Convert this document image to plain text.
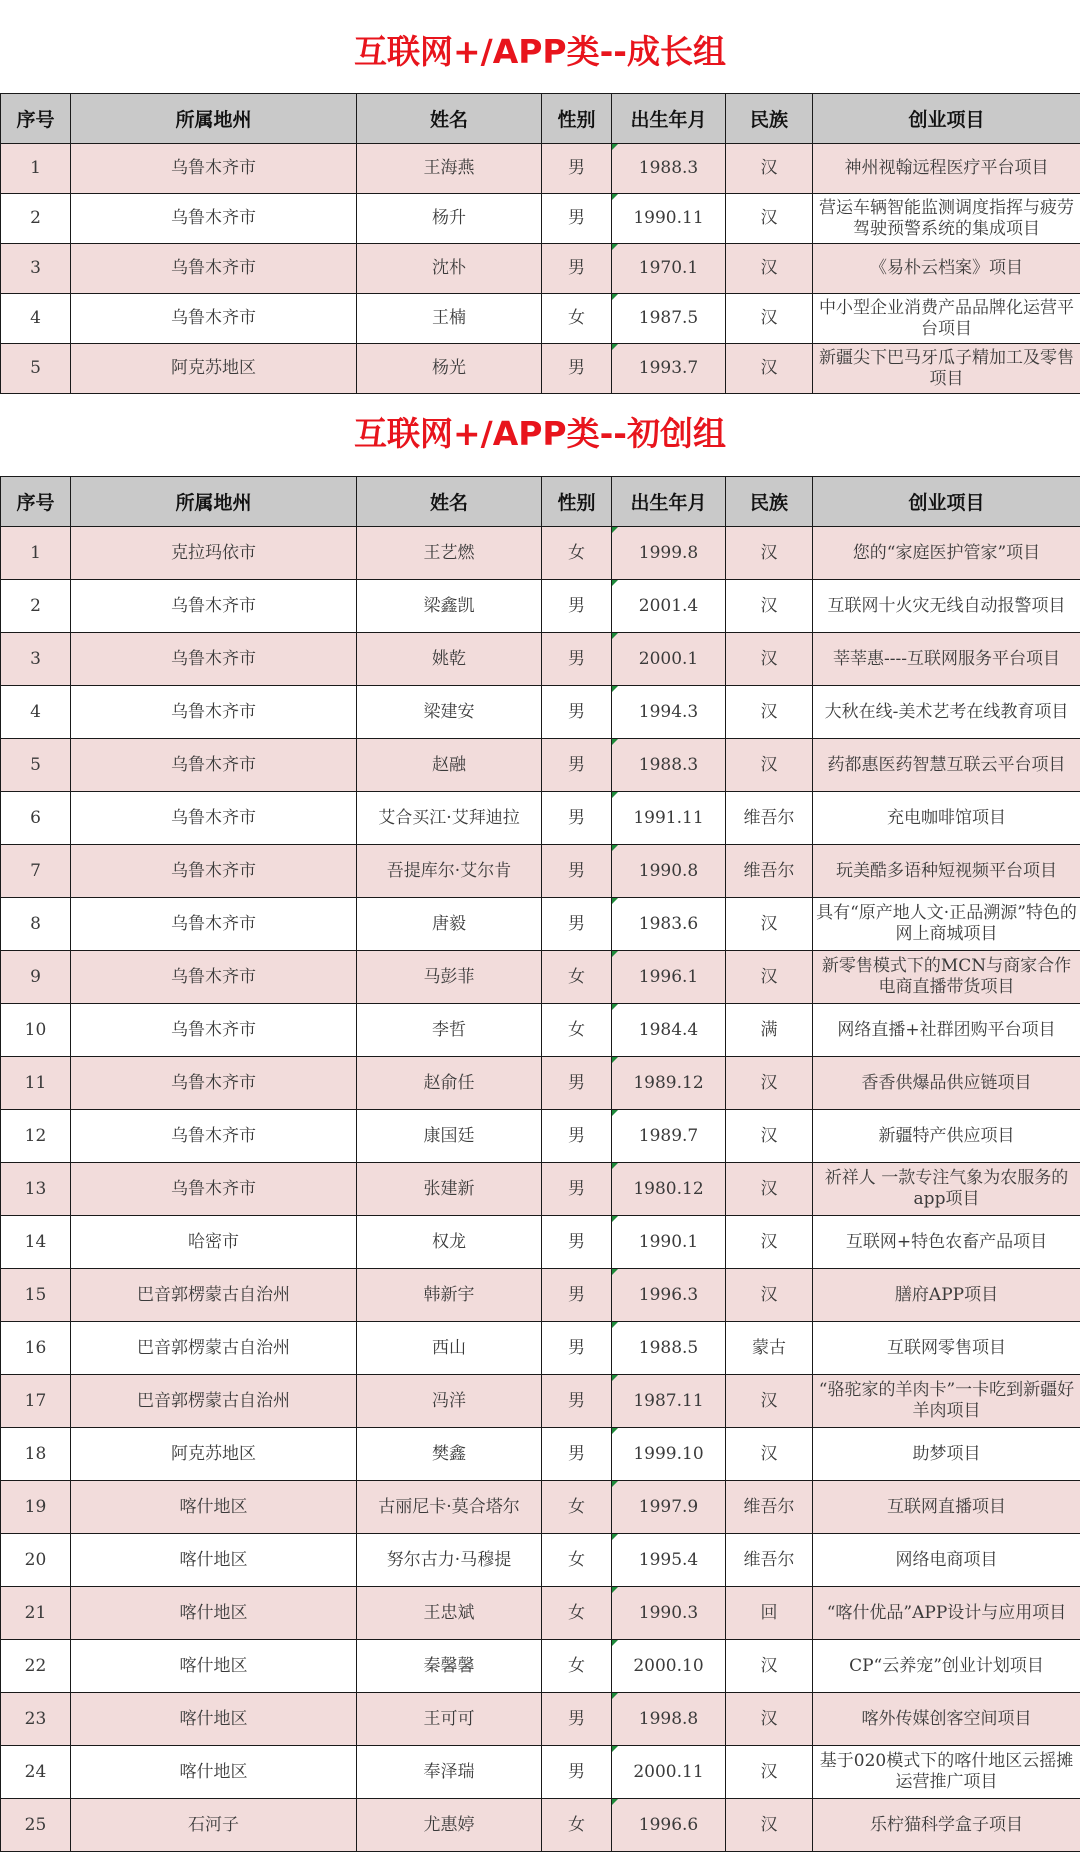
互联网+/APP类--成长组
序号	所属地州	姓名	性别	出生年月	民族	创业项目
1	乌鲁木齐市	王海燕	男	1988.3	汉	神州视翰远程医疗平台项目
2	乌鲁木齐市	杨升	男	1990.11	汉	营运车辆智能监测调度指挥与疲劳驾驶预警系统的集成项目
3	乌鲁木齐市	沈朴	男	1970.1	汉	《易朴云档案》项目
4	乌鲁木齐市	王楠	女	1987.5	汉	中小型企业消费产品品牌化运营平台项目
5	阿克苏地区	杨光	男	1993.7	汉	新疆尖下巴马牙瓜子精加工及零售项目
互联网+/APP类--初创组
序号	所属地州	姓名	性别	出生年月	民族	创业项目
1	克拉玛依市	王艺燃	女	1999.8	汉	您的“家庭医护管家”项目
2	乌鲁木齐市	梁鑫凯	男	2001.4	汉	互联网十火灾无线自动报警项目
3	乌鲁木齐市	姚乾	男	2000.1	汉	莘莘惠----互联网服务平台项目
4	乌鲁木齐市	梁建安	男	1994.3	汉	大秋在线-美术艺考在线教育项目
5	乌鲁木齐市	赵融	男	1988.3	汉	药都惠医药智慧互联云平台项目
6	乌鲁木齐市	艾合买江·艾拜迪拉	男	1991.11	维吾尔	充电咖啡馆项目
7	乌鲁木齐市	吾提库尔·艾尔肯	男	1990.8	维吾尔	玩美酷多语种短视频平台项目
8	乌鲁木齐市	唐毅	男	1983.6	汉	具有“原产地人文·正品溯源”特色的网上商城项目
9	乌鲁木齐市	马彭菲	女	1996.1	汉	新零售模式下的MCN与商家合作电商直播带货项目
10	乌鲁木齐市	李哲	女	1984.4	满	网络直播+社群团购平台项目
11	乌鲁木齐市	赵俞任	男	1989.12	汉	香香供爆品供应链项目
12	乌鲁木齐市	康国廷	男	1989.7	汉	新疆特产供应项目
13	乌鲁木齐市	张建新	男	1980.12	汉	祈祥人 一款专注气象为农服务的app项目
14	哈密市	权龙	男	1990.1	汉	互联网+特色农畜产品项目
15	巴音郭楞蒙古自治州	韩新宇	男	1996.3	汉	膳府APP项目
16	巴音郭楞蒙古自治州	西山	男	1988.5	蒙古	互联网零售项目
17	巴音郭楞蒙古自治州	冯洋	男	1987.11	汉	“骆驼家的羊肉卡”一卡吃到新疆好羊肉项目
18	阿克苏地区	樊鑫	男	1999.10	汉	助梦项目
19	喀什地区	古丽尼卡·莫合塔尔	女	1997.9	维吾尔	互联网直播项目
20	喀什地区	努尔古力·马穆提	女	1995.4	维吾尔	网络电商项目
21	喀什地区	王忠斌	女	1990.3	回	“喀什优品”APP设计与应用项目
22	喀什地区	秦馨馨	女	2000.10	汉	CP“云养宠”创业计划项目
23	喀什地区	王可可	男	1998.8	汉	喀外传媒创客空间项目
24	喀什地区	奉泽瑞	男	2000.11	汉	基于020模式下的喀什地区云摇摊运营推广项目
25	石河子	尤惠婷	女	1996.6	汉	乐柠猫科学盒子项目
